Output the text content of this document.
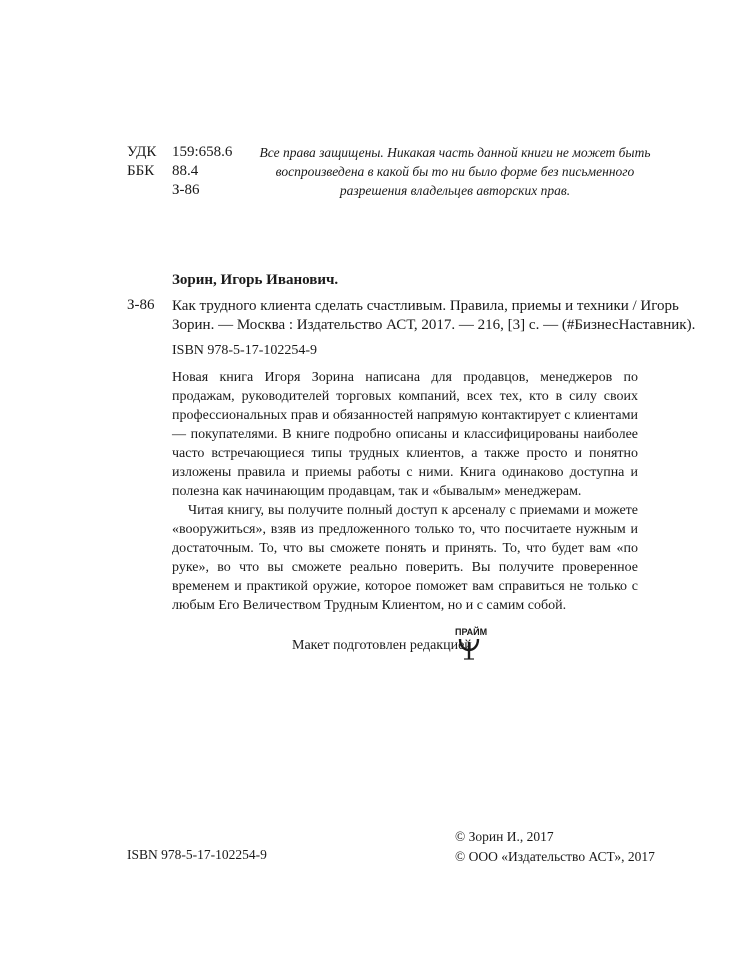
УДК 159:658.6
ББК 88.4
З-86
Все права защищены. Никакая часть данной книги не может быть
воспроизведена в какой бы то ни было форме без письменного
разрешения владельцев авторских прав.
Зорин, Игорь Иванович.
З-86 Как трудного клиента сделать счастливым. Правила, приемы и техники / Игорь
Зорин. — Москва : Издательство АСТ, 2017. — 216, [3] с. — (#БизнесНаставник).
ISBN 978-5-17-102254-9

Новая книга Игоря Зорина написана для продавцов, менеджеров по продажам, руководителей торговых компаний, всех тех, кто в силу своих профессиональных прав и обязанностей напрямую контактирует с клиентами — покупателями. В книге подробно описаны и классифицированы наиболее часто встречающиеся типы трудных клиентов, а также просто и понятно изложены правила и приемы работы с ними. Книга одинаково доступна и полезна как начинающим продавцам, так и «бывалым» менеджерам.

Читая книгу, вы получите полный доступ к арсеналу с приемами и можете «вооружиться», взяв из предложенного только то, что посчитаете нужным и достаточным. То, что вы сможете понять и принять. То, что будет вам «по руке», во что вы сможете реально поверить. Вы получите проверенное временем и практикой оружие, которое поможет вам справиться не только с любым Его Величеством Трудным Клиентом, но и с самим собой.

Макет подготовлен редакцией
ПРАЙМ
© Зорин И., 2017
© ООО «Издательство АСТ», 2017
ISBN 978-5-17-102254-9
